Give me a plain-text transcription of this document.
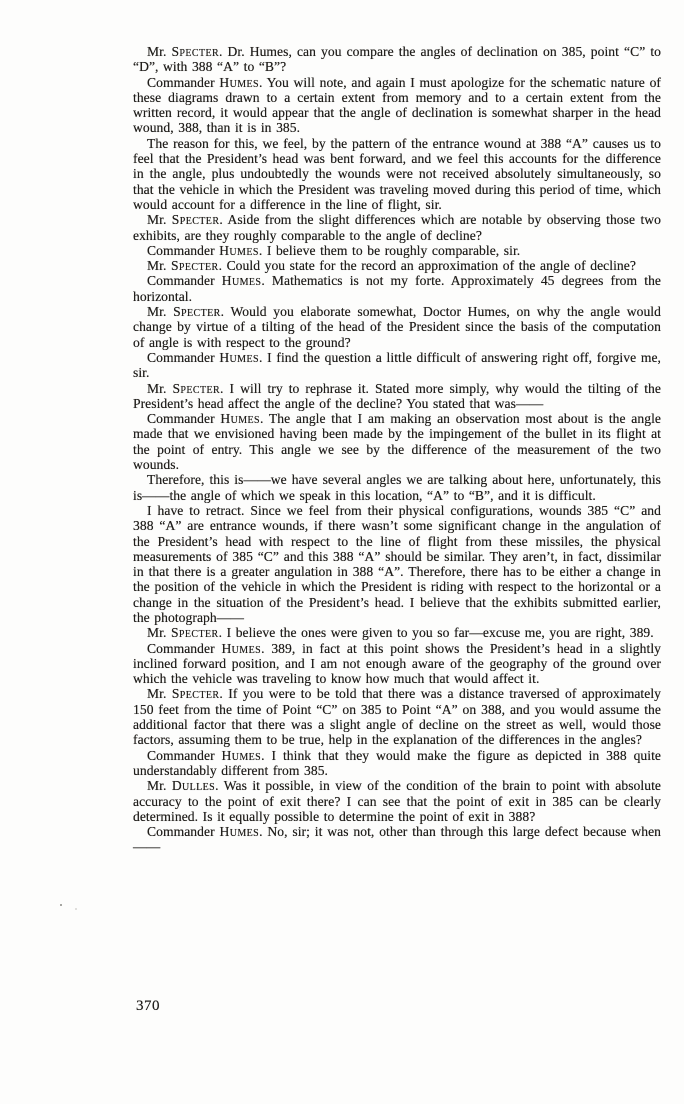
Mr. Specter. Dr. Humes, can you compare the angles of declination on 385, point “C” to “D”, with 388 “A” to “B”?

Commander Humes. You will note, and again I must apologize for the schematic nature of these diagrams drawn to a certain extent from memory and to a certain extent from the written record, it would appear that the angle of declination is somewhat sharper in the head wound, 388, than it is in 385.

The reason for this, we feel, by the pattern of the entrance wound at 388 “A” causes us to feel that the President’s head was bent forward, and we feel this accounts for the difference in the angle, plus undoubtedly the wounds were not received absolutely simultaneously, so that the vehicle in which the President was traveling moved during this period of time, which would account for a difference in the line of flight, sir.

Mr. Specter. Aside from the slight differences which are notable by observing those two exhibits, are they roughly comparable to the angle of decline?

Commander Humes. I believe them to be roughly comparable, sir.

Mr. Specter. Could you state for the record an approximation of the angle of decline?

Commander Humes. Mathematics is not my forte. Approximately 45 degrees from the horizontal.

Mr. Specter. Would you elaborate somewhat, Doctor Humes, on why the angle would change by virtue of a tilting of the head of the President since the basis of the computation of angle is with respect to the ground?

Commander Humes. I find the question a little difficult of answering right off, forgive me, sir.

Mr. Specter. I will try to rephrase it. Stated more simply, why would the tilting of the President’s head affect the angle of the decline? You stated that was——

Commander Humes. The angle that I am making an observation most about is the angle made that we envisioned having been made by the impingement of the bullet in its flight at the point of entry. This angle we see by the difference of the measurement of the two wounds.

Therefore, this is——we have several angles we are talking about here, unfortunately, this is——the angle of which we speak in this location, “A” to “B”, and it is difficult.

I have to retract. Since we feel from their physical configurations, wounds 385 “C” and 388 “A” are entrance wounds, if there wasn’t some significant change in the angulation of the President’s head with respect to the line of flight from these missiles, the physical measurements of 385 “C” and this 388 “A” should be similar. They aren’t, in fact, dissimilar in that there is a greater angulation in 388 “A”. Therefore, there has to be either a change in the position of the vehicle in which the President is riding with respect to the horizontal or a change in the situation of the President’s head. I believe that the exhibits submitted earlier, the photograph——

Mr. Specter. I believe the ones were given to you so far—excuse me, you are right, 389.

Commander Humes. 389, in fact at this point shows the President’s head in a slightly inclined forward position, and I am not enough aware of the geography of the ground over which the vehicle was traveling to know how much that would affect it.

Mr. Specter. If you were to be told that there was a distance traversed of approximately 150 feet from the time of Point “C” on 385 to Point “A” on 388, and you would assume the additional factor that there was a slight angle of decline on the street as well, would those factors, assuming them to be true, help in the explanation of the differences in the angles?

Commander Humes. I think that they would make the figure as depicted in 388 quite understandably different from 385.

Mr. Dulles. Was it possible, in view of the condition of the brain to point with absolute accuracy to the point of exit there? I can see that the point of exit in 385 can be clearly determined. Is it equally possible to determine the point of exit in 388?

Commander Humes. No, sir; it was not, other than through this large defect because when——

370
